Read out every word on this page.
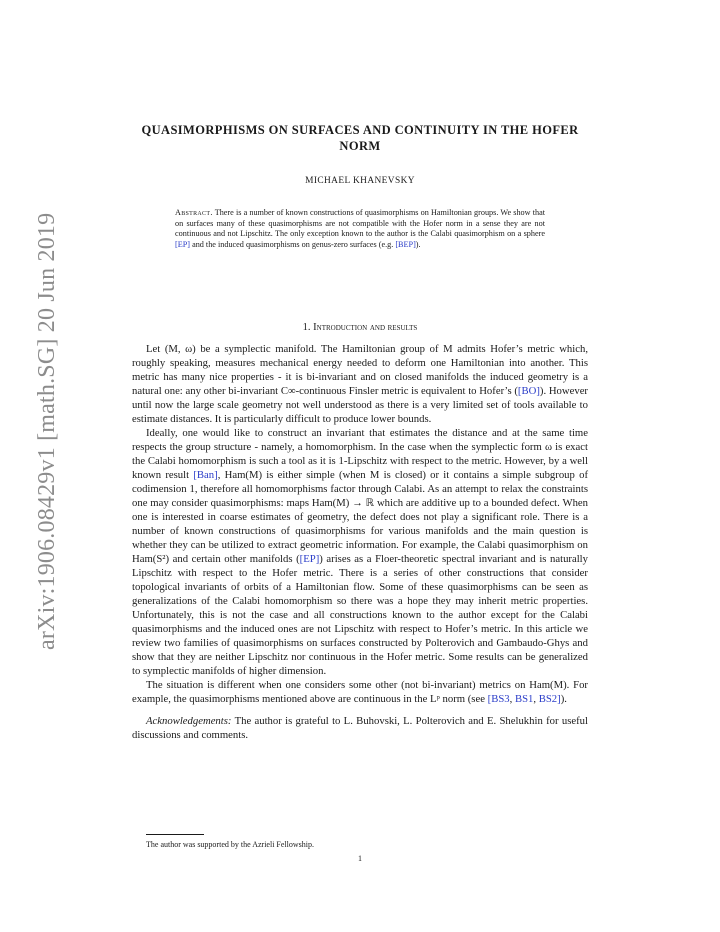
arXiv:1906.08429v1 [math.SG] 20 Jun 2019
QUASIMORPHISMS ON SURFACES AND CONTINUITY IN THE HOFER NORM
MICHAEL KHANEVSKY
Abstract. There is a number of known constructions of quasimorphisms on Hamiltonian groups. We show that on surfaces many of these quasimorphisms are not compatible with the Hofer norm in a sense they are not continuous and not Lipschitz. The only exception known to the author is the Calabi quasimorphism on a sphere [EP] and the induced quasimorphisms on genus-zero surfaces (e.g. [BEP]).
1. Introduction and results

Let (M, ω) be a symplectic manifold. The Hamiltonian group of M admits Hofer’s metric which, roughly speaking, measures mechanical energy needed to deform one Hamiltonian into another. This metric has many nice properties - it is bi-invariant and on closed manifolds the induced geometry is a natural one: any other bi-invariant C∞-continuous Finsler metric is equivalent to Hofer’s ([BO]). However until now the large scale geometry not well understood as there is a very limited set of tools available to estimate distances. It is particularly difficult to produce lower bounds.

Ideally, one would like to construct an invariant that estimates the distance and at the same time respects the group structure - namely, a homomorphism. In the case when the symplectic form ω is exact the Calabi homomorphism is such a tool as it is 1-Lipschitz with respect to the metric. However, by a well known result [Ban], Ham(M) is either simple (when M is closed) or it contains a simple subgroup of codimension 1, therefore all homomorphisms factor through Calabi. As an attempt to relax the constraints one may consider quasimorphisms: maps Ham(M) → ℝ which are additive up to a bounded defect. When one is interested in coarse estimates of geometry, the defect does not play a significant role. There is a number of known constructions of quasimorphisms for various manifolds and the main question is whether they can be utilized to extract geometric information. For example, the Calabi quasimorphism on Ham(S²) and certain other manifolds ([EP]) arises as a Floer-theoretic spectral invariant and is naturally Lipschitz with respect to the Hofer metric. There is a series of other constructions that consider topological invariants of orbits of a Hamiltonian flow. Some of these quasimorphisms can be seen as generalizations of the Calabi homomorphism so there was a hope they may inherit metric properties. Unfortunately, this is not the case and all constructions known to the author except for the Calabi quasimorphisms and the induced ones are not Lipschitz with respect to Hofer’s metric. In this article we review two families of quasimorphisms on surfaces constructed by Polterovich and Gambaudo-Ghys and show that they are neither Lipschitz nor continuous in the Hofer metric. Some results can be generalized to symplectic manifolds of higher dimension.

The situation is different when one considers some other (not bi-invariant) metrics on Ham(M). For example, the quasimorphisms mentioned above are continuous in the Lᵖ norm (see [BS3, BS1, BS2]).

Acknowledgements: The author is grateful to L. Buhovski, L. Polterovich and E. Shelukhin for useful discussions and comments.

The author was supported by the Azrieli Fellowship.
1
